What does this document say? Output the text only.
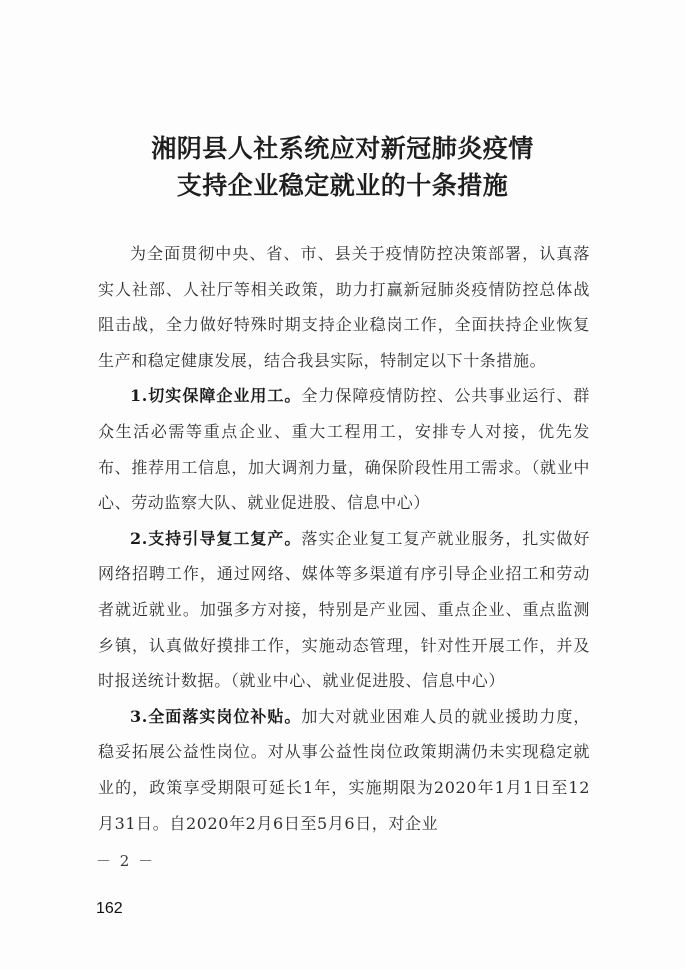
湘阴县人社系统应对新冠肺炎疫情
支持企业稳定就业的十条措施

为全面贯彻中央、省、市、县关于疫情防控决策部署，认真落实人社部、人社厅等相关政策，助力打赢新冠肺炎疫情防控总体战阻击战，全力做好特殊时期支持企业稳岗工作，全面扶持企业恢复生产和稳定健康发展，结合我县实际，特制定以下十条措施。

1.切实保障企业用工。全力保障疫情防控、公共事业运行、群众生活必需等重点企业、重大工程用工，安排专人对接，优先发布、推荐用工信息，加大调剂力量，确保阶段性用工需求。（就业中心、劳动监察大队、就业促进股、信息中心）

2.支持引导复工复产。落实企业复工复产就业服务，扎实做好网络招聘工作，通过网络、媒体等多渠道有序引导企业招工和劳动者就近就业。加强多方对接，特别是产业园、重点企业、重点监测乡镇，认真做好摸排工作，实施动态管理，针对性开展工作，并及时报送统计数据。（就业中心、就业促进股、信息中心）

3.全面落实岗位补贴。加大对就业困难人员的就业援助力度，稳妥拓展公益性岗位。对从事公益性岗位政策期满仍未实现稳定就业的，政策享受期限可延长1年，实施期限为2020年1月1日至12月31日。自2020年2月6日至5月6日，对企业

－ 2 －
162
